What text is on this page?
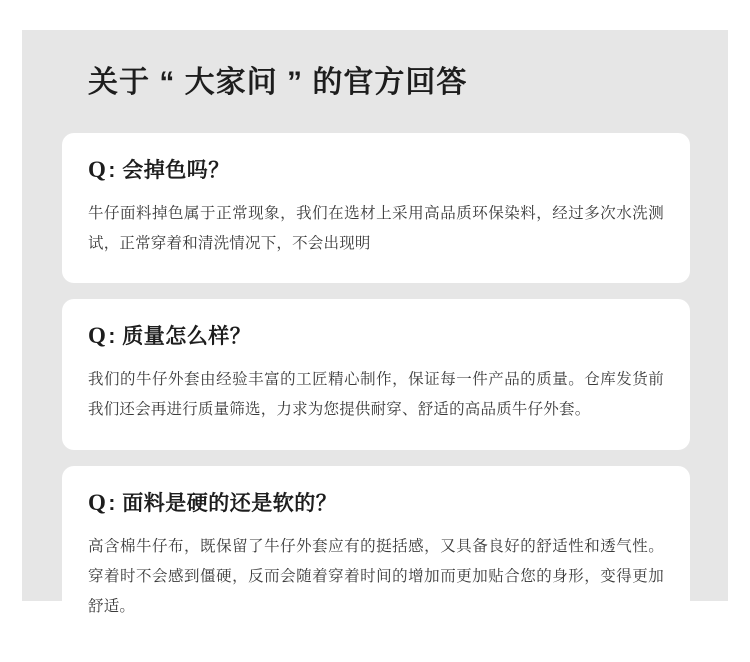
关于 “ 大家问 ” 的官方回答
Q: 会掉色吗？
牛仔面料掉色属于正常现象，我们在选材上采用高品质环保染料，经过多次水洗测试，正常穿着和清洗情况下，不会出现明
Q: 质量怎么样？
我们的牛仔外套由经验丰富的工匠精心制作，保证每一件产品的质量。仓库发货前我们还会再进行质量筛选，力求为您提供耐穿、舒适的高品质牛仔外套。
Q: 面料是硬的还是软的？
高含棉牛仔布，既保留了牛仔外套应有的挺括感，又具备良好的舒适性和透气性。穿着时不会感到僵硬，反而会随着穿着时间的增加而更加贴合您的身形，变得更加舒适。
